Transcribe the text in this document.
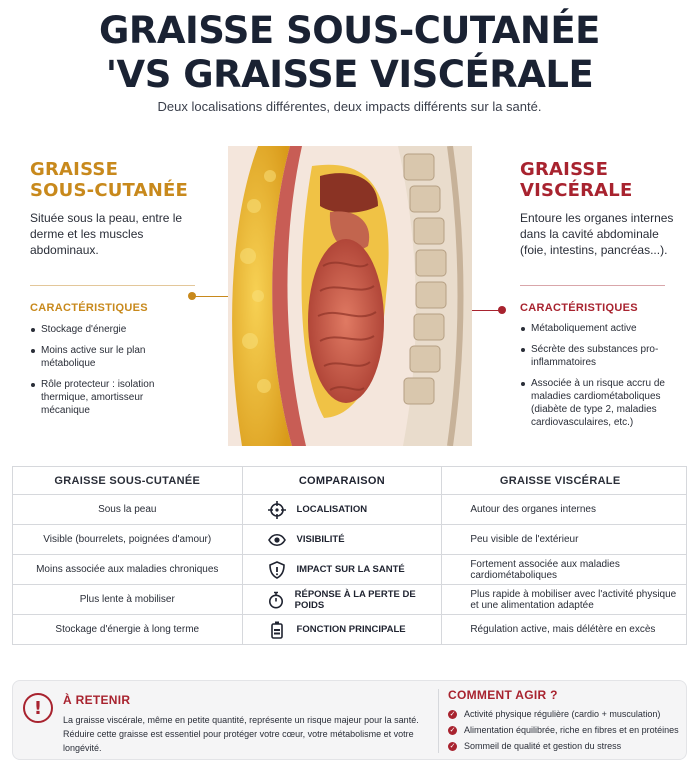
GRAISSE SOUS-CUTANÉE
'VS GRAISSE VISCÉRALE
Deux localisations différentes, deux impacts différents sur la santé.
GRAISSE
SOUS-CUTANÉE
Située sous la peau, entre le derme et les muscles abdominaux.
CARACTÉRISTIQUES
Stockage d'énergie
Moins active sur le plan métabolique
Rôle protecteur : isolation thermique, amortisseur mécanique
GRAISSE
VISCÉRALE
Entoure les organes internes dans la cavité abdominale (foie, intestins, pancréas...).
CARACTÉRISTIQUES
Métaboliquement active
Sécrète des substances pro-inflammatoires
Associée à un risque accru de maladies cardiométaboliques (diabète de type 2, maladies cardiovasculaires, etc.)
GRAISSE SOUS-CUTANÉE	COMPARAISON	GRAISSE VISCÉRALE
Sous la peau	LOCALISATION	Autour des organes internes
Visible (bourrelets, poignées d'amour)	VISIBILITÉ	Peu visible de l'extérieur
Moins associée aux maladies chroniques	IMPACT SUR LA SANTÉ	Fortement associée aux maladies cardiométaboliques
Plus lente à mobiliser	RÉPONSE À LA PERTE DE POIDS	Plus rapide à mobiliser avec l'activité physique et une alimentation adaptée
Stockage d'énergie à long terme	FONCTION PRINCIPALE	Régulation active, mais délétère en excès
!	À RETENIR
La graisse viscérale, même en petite quantité, représente un risque majeur pour la santé.
Réduire cette graisse est essentiel pour protéger votre cœur, votre métabolisme et votre longévité.
COMMENT AGIR ?
✓ Activité physique régulière (cardio + musculation)
✓ Alimentation équilibrée, riche en fibres et en protéines
✓ Sommeil de qualité et gestion du stress
